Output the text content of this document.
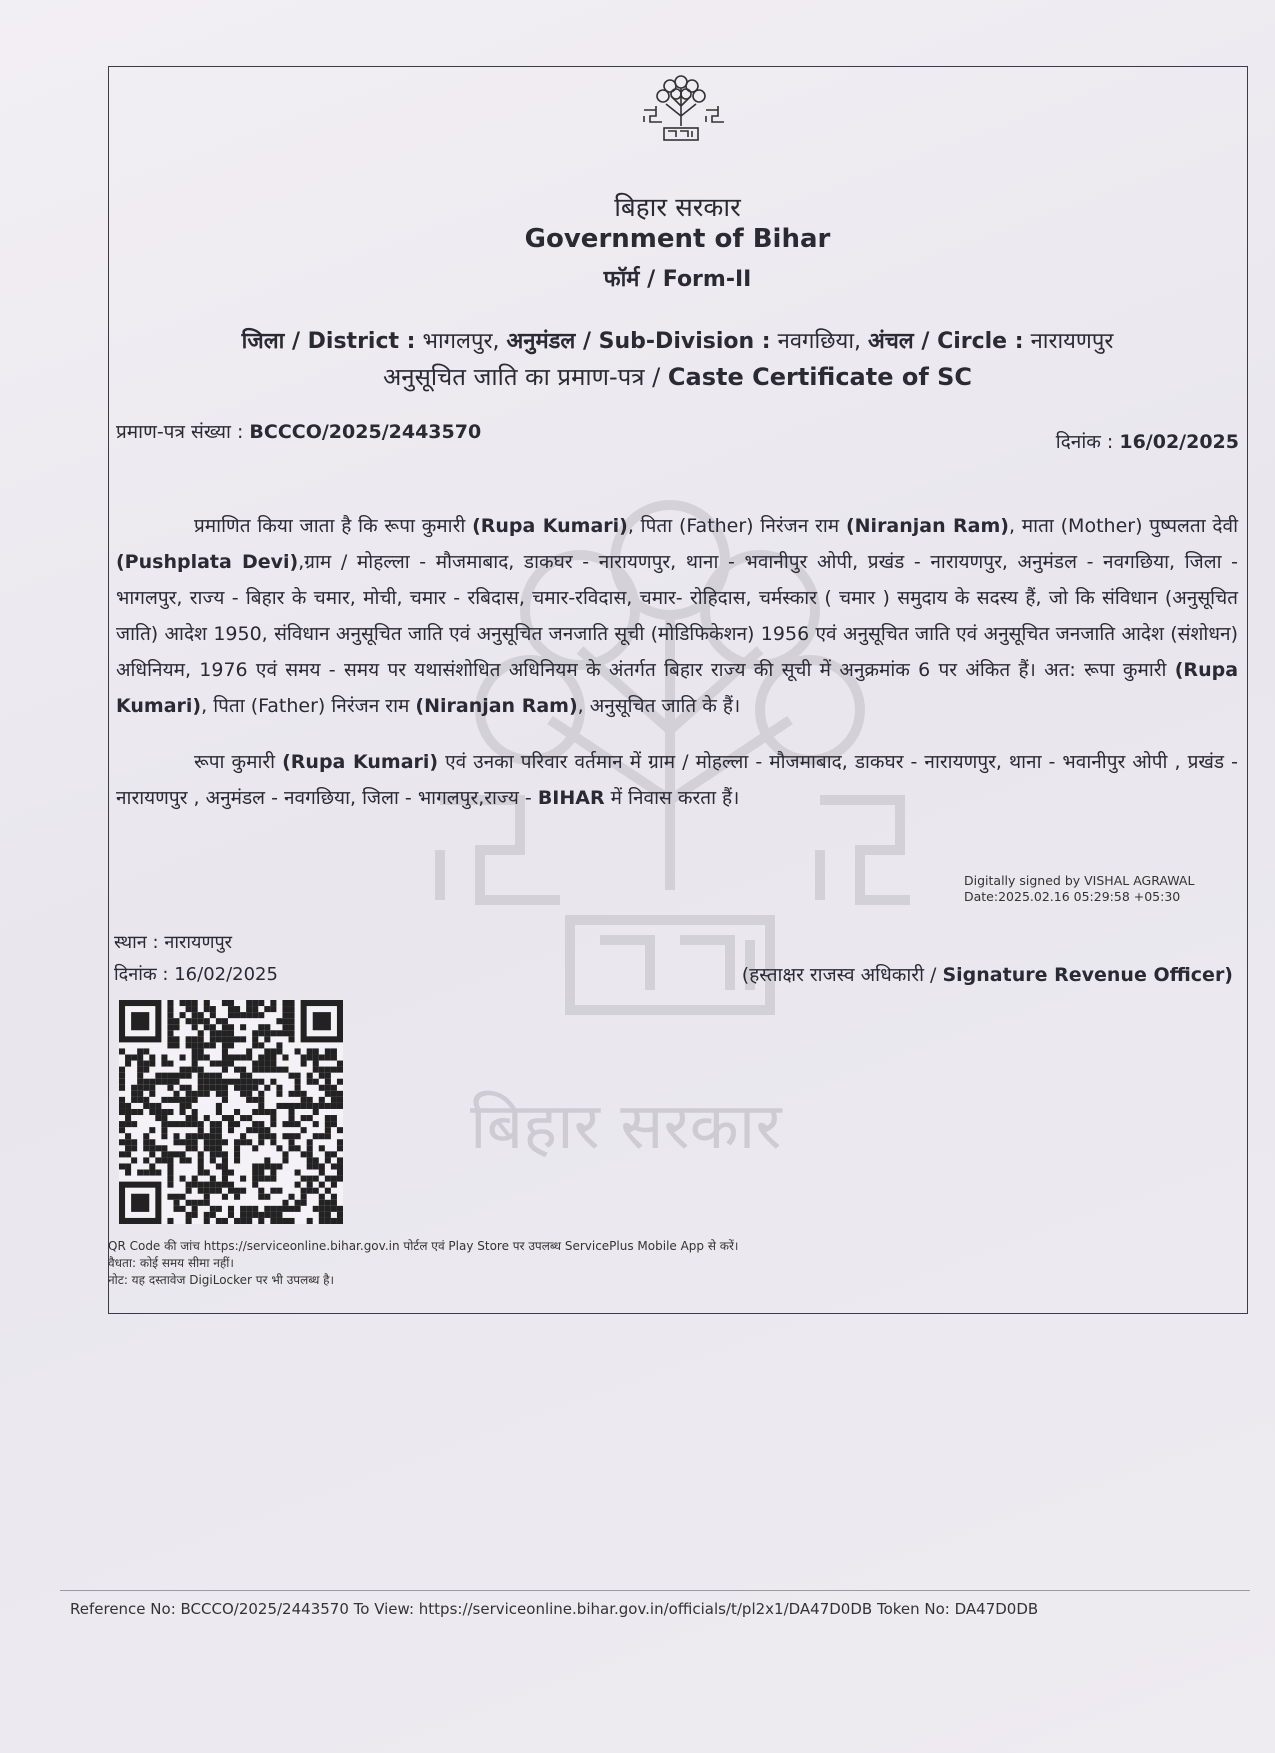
बिहार सरकार
बिहार सरकार
Government of Bihar
फॉर्म / Form-II
जिला / District : भागलपुर, अनुमंडल / Sub-Division : नवगछिया, अंचल / Circle : नारायणपुर
अनुसूचित जाति का प्रमाण-पत्र / Caste Certificate of SC
प्रमाण-पत्र संख्या : BCCCO/2025/2443570	दिनांक : 16/02/2025
प्रमाणित किया जाता है कि रूपा कुमारी (Rupa Kumari), पिता (Father) निरंजन राम (Niranjan Ram), माता (Mother) पुष्पलता देवी (Pushplata Devi),ग्राम / मोहल्ला - मौजमाबाद, डाकघर - नारायणपुर, थाना - भवानीपुर ओपी, प्रखंड - नारायणपुर, अनुमंडल - नवगछिया, जिला - भागलपुर, राज्य - बिहार के चमार, मोची, चमार - रबिदास, चमार-रविदास, चमार- रोहिदास, चर्मस्कार ( चमार ) समुदाय के सदस्य हैं, जो कि संविधान (अनुसूचित जाति) आदेश 1950, संविधान अनुसूचित जाति एवं अनुसूचित जनजाति सूची (मोडिफिकेशन) 1956 एवं अनुसूचित जाति एवं अनुसूचित जनजाति आदेश (संशोधन) अधिनियम, 1976 एवं समय - समय पर यथासंशोधित अधिनियम के अंतर्गत बिहार राज्य की सूची में अनुक्रमांक 6 पर अंकित हैं। अत: रूपा कुमारी (Rupa Kumari), पिता (Father) निरंजन राम (Niranjan Ram), अनुसूचित जाति के हैं।
रूपा कुमारी (Rupa Kumari) एवं उनका परिवार वर्तमान में ग्राम / मोहल्ला - मौजमाबाद, डाकघर - नारायणपुर, थाना - भवानीपुर ओपी , प्रखंड - नारायणपुर , अनुमंडल - नवगछिया, जिला - भागलपुर,राज्य - BIHAR में निवास करता हैं।
Digitally signed by VISHAL AGRAWAL
Date:2025.02.16 05:29:58 +05:30
स्थान : नारायणपुर
दिनांक : 16/02/2025	(हस्ताक्षर राजस्व अधिकारी / Signature Revenue Officer)
QR Code की जांच https://serviceonline.bihar.gov.in पोर्टल एवं Play Store पर उपलब्ध ServicePlus Mobile App से करें।
वैधता: कोई समय सीमा नहीं।
नोट: यह दस्तावेज DigiLocker पर भी उपलब्ध है।
Reference No: BCCCO/2025/2443570 To View: https://serviceonline.bihar.gov.in/officials/t/pl2x1/DA47D0DB Token No: DA47D0DB
